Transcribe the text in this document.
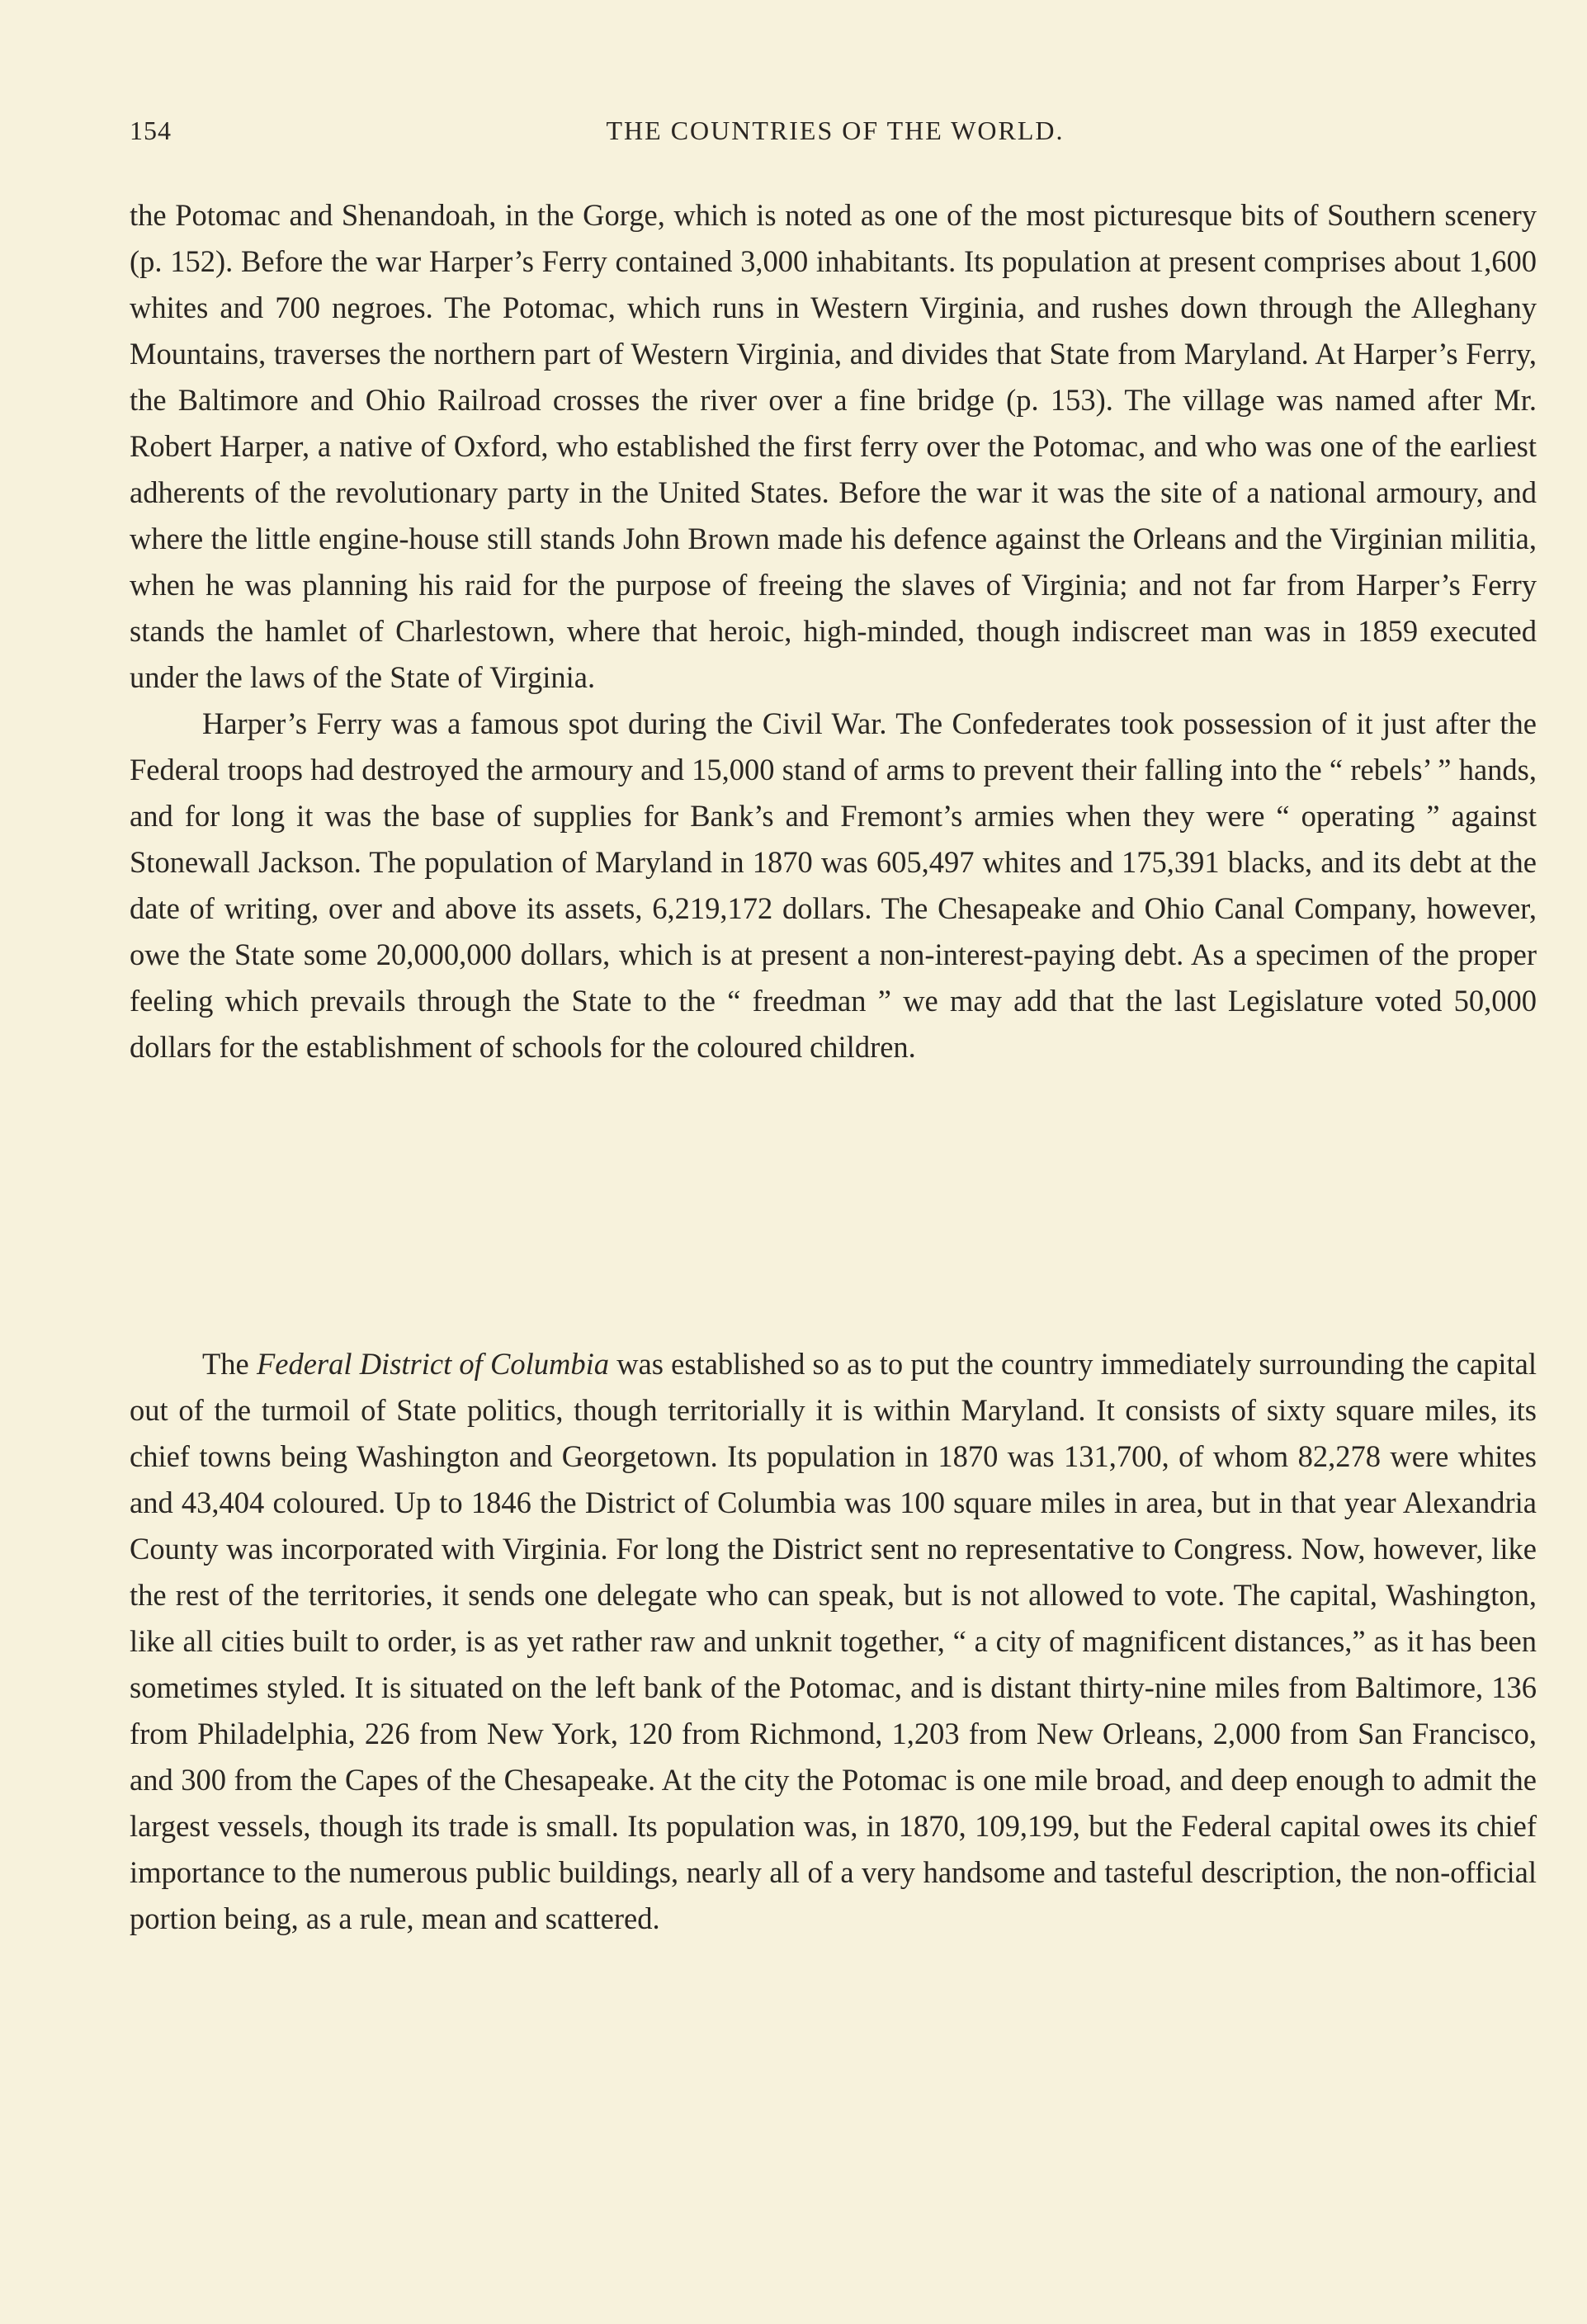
154	THE COUNTRIES OF THE WORLD.

the Potomac and Shenandoah, in the Gorge, which is noted as one of the most picturesque bits of Southern scenery (p. 152). Before the war Harper’s Ferry contained 3,000 inhabitants. Its population at present comprises about 1,600 whites and 700 negroes. The Potomac, which runs in Western Virginia, and rushes down through the Alleghany Mountains, traverses the northern part of Western Virginia, and divides that State from Maryland. At Harper’s Ferry, the Baltimore and Ohio Railroad crosses the river over a fine bridge (p. 153). The village was named after Mr. Robert Harper, a native of Oxford, who established the first ferry over the Potomac, and who was one of the earliest adherents of the revolutionary party in the United States. Before the war it was the site of a national armoury, and where the little engine-house still stands John Brown made his defence against the Orleans and the Virginian militia, when he was planning his raid for the purpose of freeing the slaves of Virginia; and not far from Harper’s Ferry stands the hamlet of Charlestown, where that heroic, high-minded, though indiscreet man was in 1859 executed under the laws of the State of Virginia.

Harper’s Ferry was a famous spot during the Civil War. The Confederates took possession of it just after the Federal troops had destroyed the armoury and 15,000 stand of arms to prevent their falling into the “ rebels’ ” hands, and for long it was the base of supplies for Bank’s and Fremont’s armies when they were “ operating ” against Stonewall Jackson. The population of Maryland in 1870 was 605,497 whites and 175,391 blacks, and its debt at the date of writing, over and above its assets, 6,219,172 dollars. The Chesapeake and Ohio Canal Company, however, owe the State some 20,000,000 dollars, which is at present a non-interest-paying debt. As a specimen of the proper feeling which prevails through the State to the “ freedman ” we may add that the last Legislature voted 50,000 dollars for the establishment of schools for the coloured children.

The Federal District of Columbia was established so as to put the country immediately surrounding the capital out of the turmoil of State politics, though territorially it is within Maryland. It consists of sixty square miles, its chief towns being Washington and Georgetown. Its population in 1870 was 131,700, of whom 82,278 were whites and 43,404 coloured. Up to 1846 the District of Columbia was 100 square miles in area, but in that year Alexandria County was incorporated with Virginia. For long the District sent no representative to Congress. Now, however, like the rest of the territories, it sends one delegate who can speak, but is not allowed to vote. The capital, Washington, like all cities built to order, is as yet rather raw and unknit together, “ a city of magnificent distances,” as it has been sometimes styled. It is situated on the left bank of the Potomac, and is distant thirty-nine miles from Baltimore, 136 from Philadelphia, 226 from New York, 120 from Richmond, 1,203 from New Orleans, 2,000 from San Francisco, and 300 from the Capes of the Chesapeake. At the city the Potomac is one mile broad, and deep enough to admit the largest vessels, though its trade is small. Its population was, in 1870, 109,199, but the Federal capital owes its chief importance to the numerous public buildings, nearly all of a very handsome and tasteful description, the non-official portion being, as a rule, mean and scattered.
